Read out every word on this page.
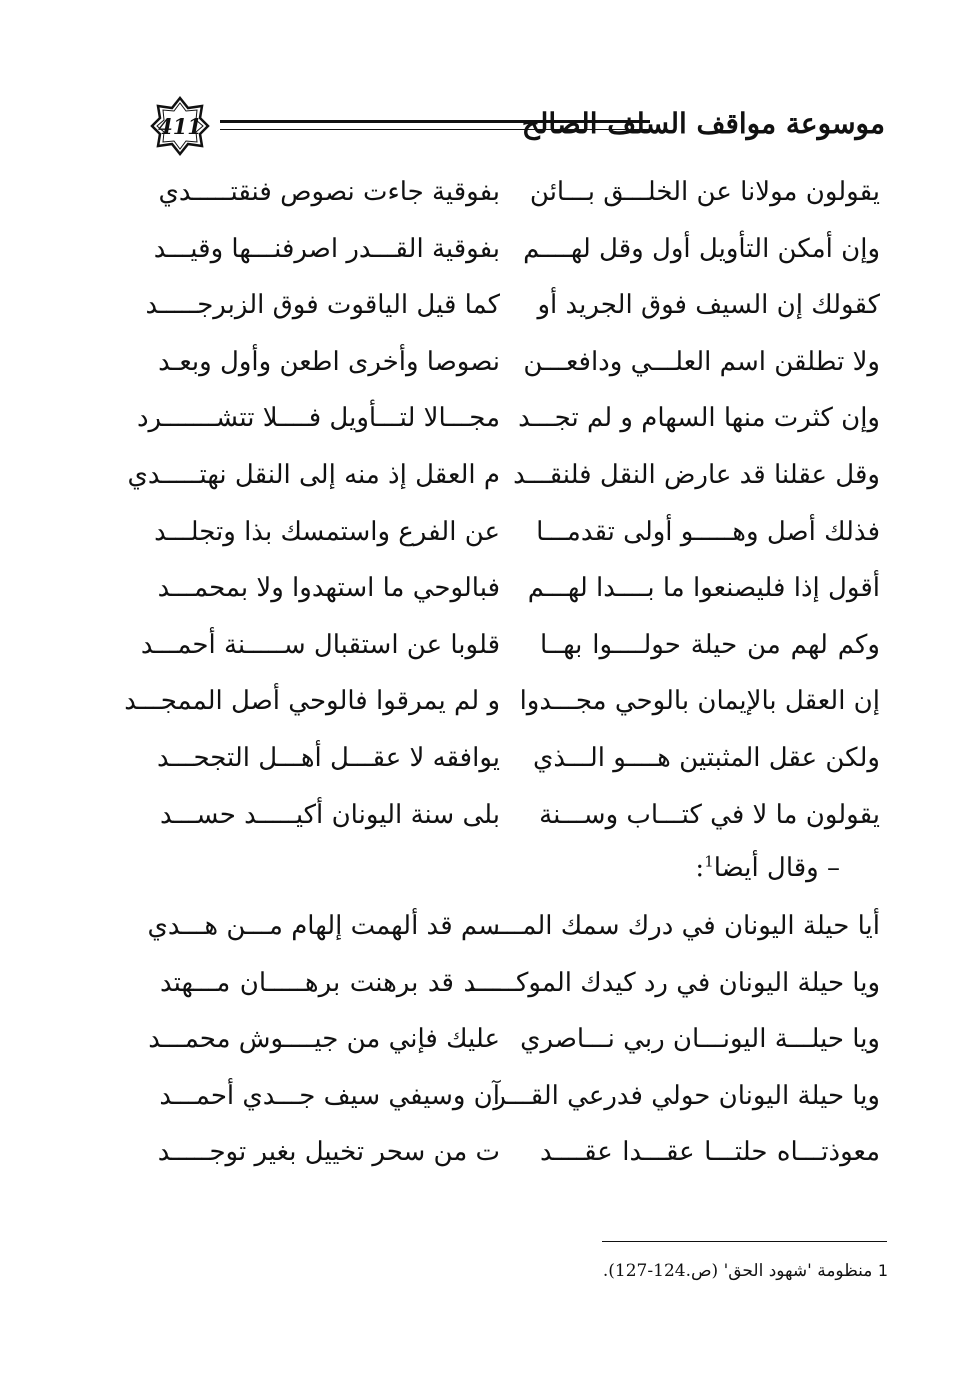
411	موسوعة مواقف السلف الصالح
يقولون مولانا عن الخلـــق بـــائن
بفوقية جاءت نصوص فنقتـــــدي
وإن أمكن التأويل أول وقل لهــــم
بفوقية القـــدر اصرفنـــها وقيـــد
كقولك إن السيف فوق الجريد أو
كما قيل الياقوت فوق الزبرجـــــد
ولا تطلقن اسم العلـــي ودافعـــن
نصوصا وأخرى اطعن وأول وبعـد
وإن كثرت منها السهام و لم تجـــد
مجـــالا لتـــأويل فــــلا تتشـــــــرد
وقل عقلنا قد عارض النقل فلنقـــد
م العقل إذ منه إلى النقل نهتـــــدي
فذلك أصل وهـــــو أولى تقدمـــا
عن الفرع واستمسك بذا وتجلـــد
أقول إذا فليصنعوا ما بــــدا لهـــم
فبالوحي ما استهدوا ولا بمحمـــد
وكم لهم من حيلة حولــــوا بهــا
قلوبا عن استقبال ســـــنة أحمـــد
إن العقل بالإيمان بالوحي مجـــدوا
و لم يمرقوا فالوحي أصل الممجـــد
ولكن عقل المثبتين هــــو الـــذي
يوافقه لا عقـــل أهـــل التجحـــد
يقولون ما لا في كتـــاب وســـنة
بلى سنة اليونان أكيـــــد حســـد
– وقال أيضا$^1$:
أيا حيلة اليونان في درك سمك المــــ
سم قد ألهمت إلهام مـــن هـــدي
ويا حيلة اليونان في رد كيدك الموكــــــ
ـــد قد برهنت برهـــــان مـــهتد
ويا حيلـــة اليونـــان ربي نـــاصري
عليك فإني من جيــــوش محمـــد
ويا حيلة اليونان حولي فدرعي القـــر
آن وسيفي سيف جـــدي أحمـــد
معوذتـــاه حلتـــا عقـــدا عقــــد
ت من سحر تخييل بغير توجـــــد
1 منظومة 'شهود الحق' (ص.124-127).
